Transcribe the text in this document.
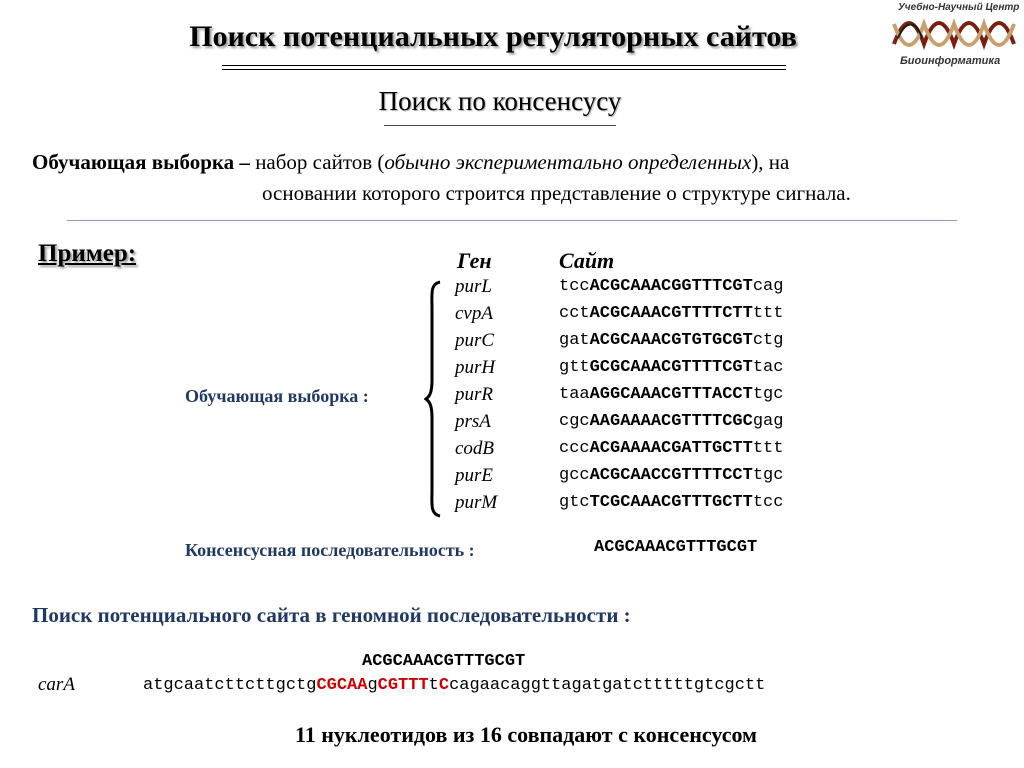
Учебно-Научный Центр
Биоинформатика
Поиск потенциальных регуляторных сайтов
Поиск по консенсусу
Обучающая выборка – набор сайтов (обычно экспериментально определенных), на
основании которого строится представление о структуре сигнала.
Пример:	Ген	Сайт
Обучающая выборка :
purL	tccACGCAAACGGTTTCGTcag
cvpA	cctACGCAAACGTTTTCTTttt
purC	gatACGCAAACGTGTGCGTctg
purH	gttGCGCAAACGTTTTCGTtac
purR	taaAGGCAAACGTTTACCTtgc
prsA	cgcAAGAAAACGTTTTCGCgag
codB	cccACGAAAACGATTGCTTttt
purE	gccACGCAACCGTTTTCCTtgc
purM	gtcTCGCAAACGTTTGCTTtcc
Консенсусная последовательность :	ACGCAAACGTTTGCGT
Поиск потенциального сайта в геномной последовательности :
ACGCAAACGTTTGCGT
carA	atgcaatcttcttgctgCGCAAgCGTTTtCcagaacaggttagatgatctttttgtcgctt
11 нуклеотидов из 16 совпадают с консенсусом
